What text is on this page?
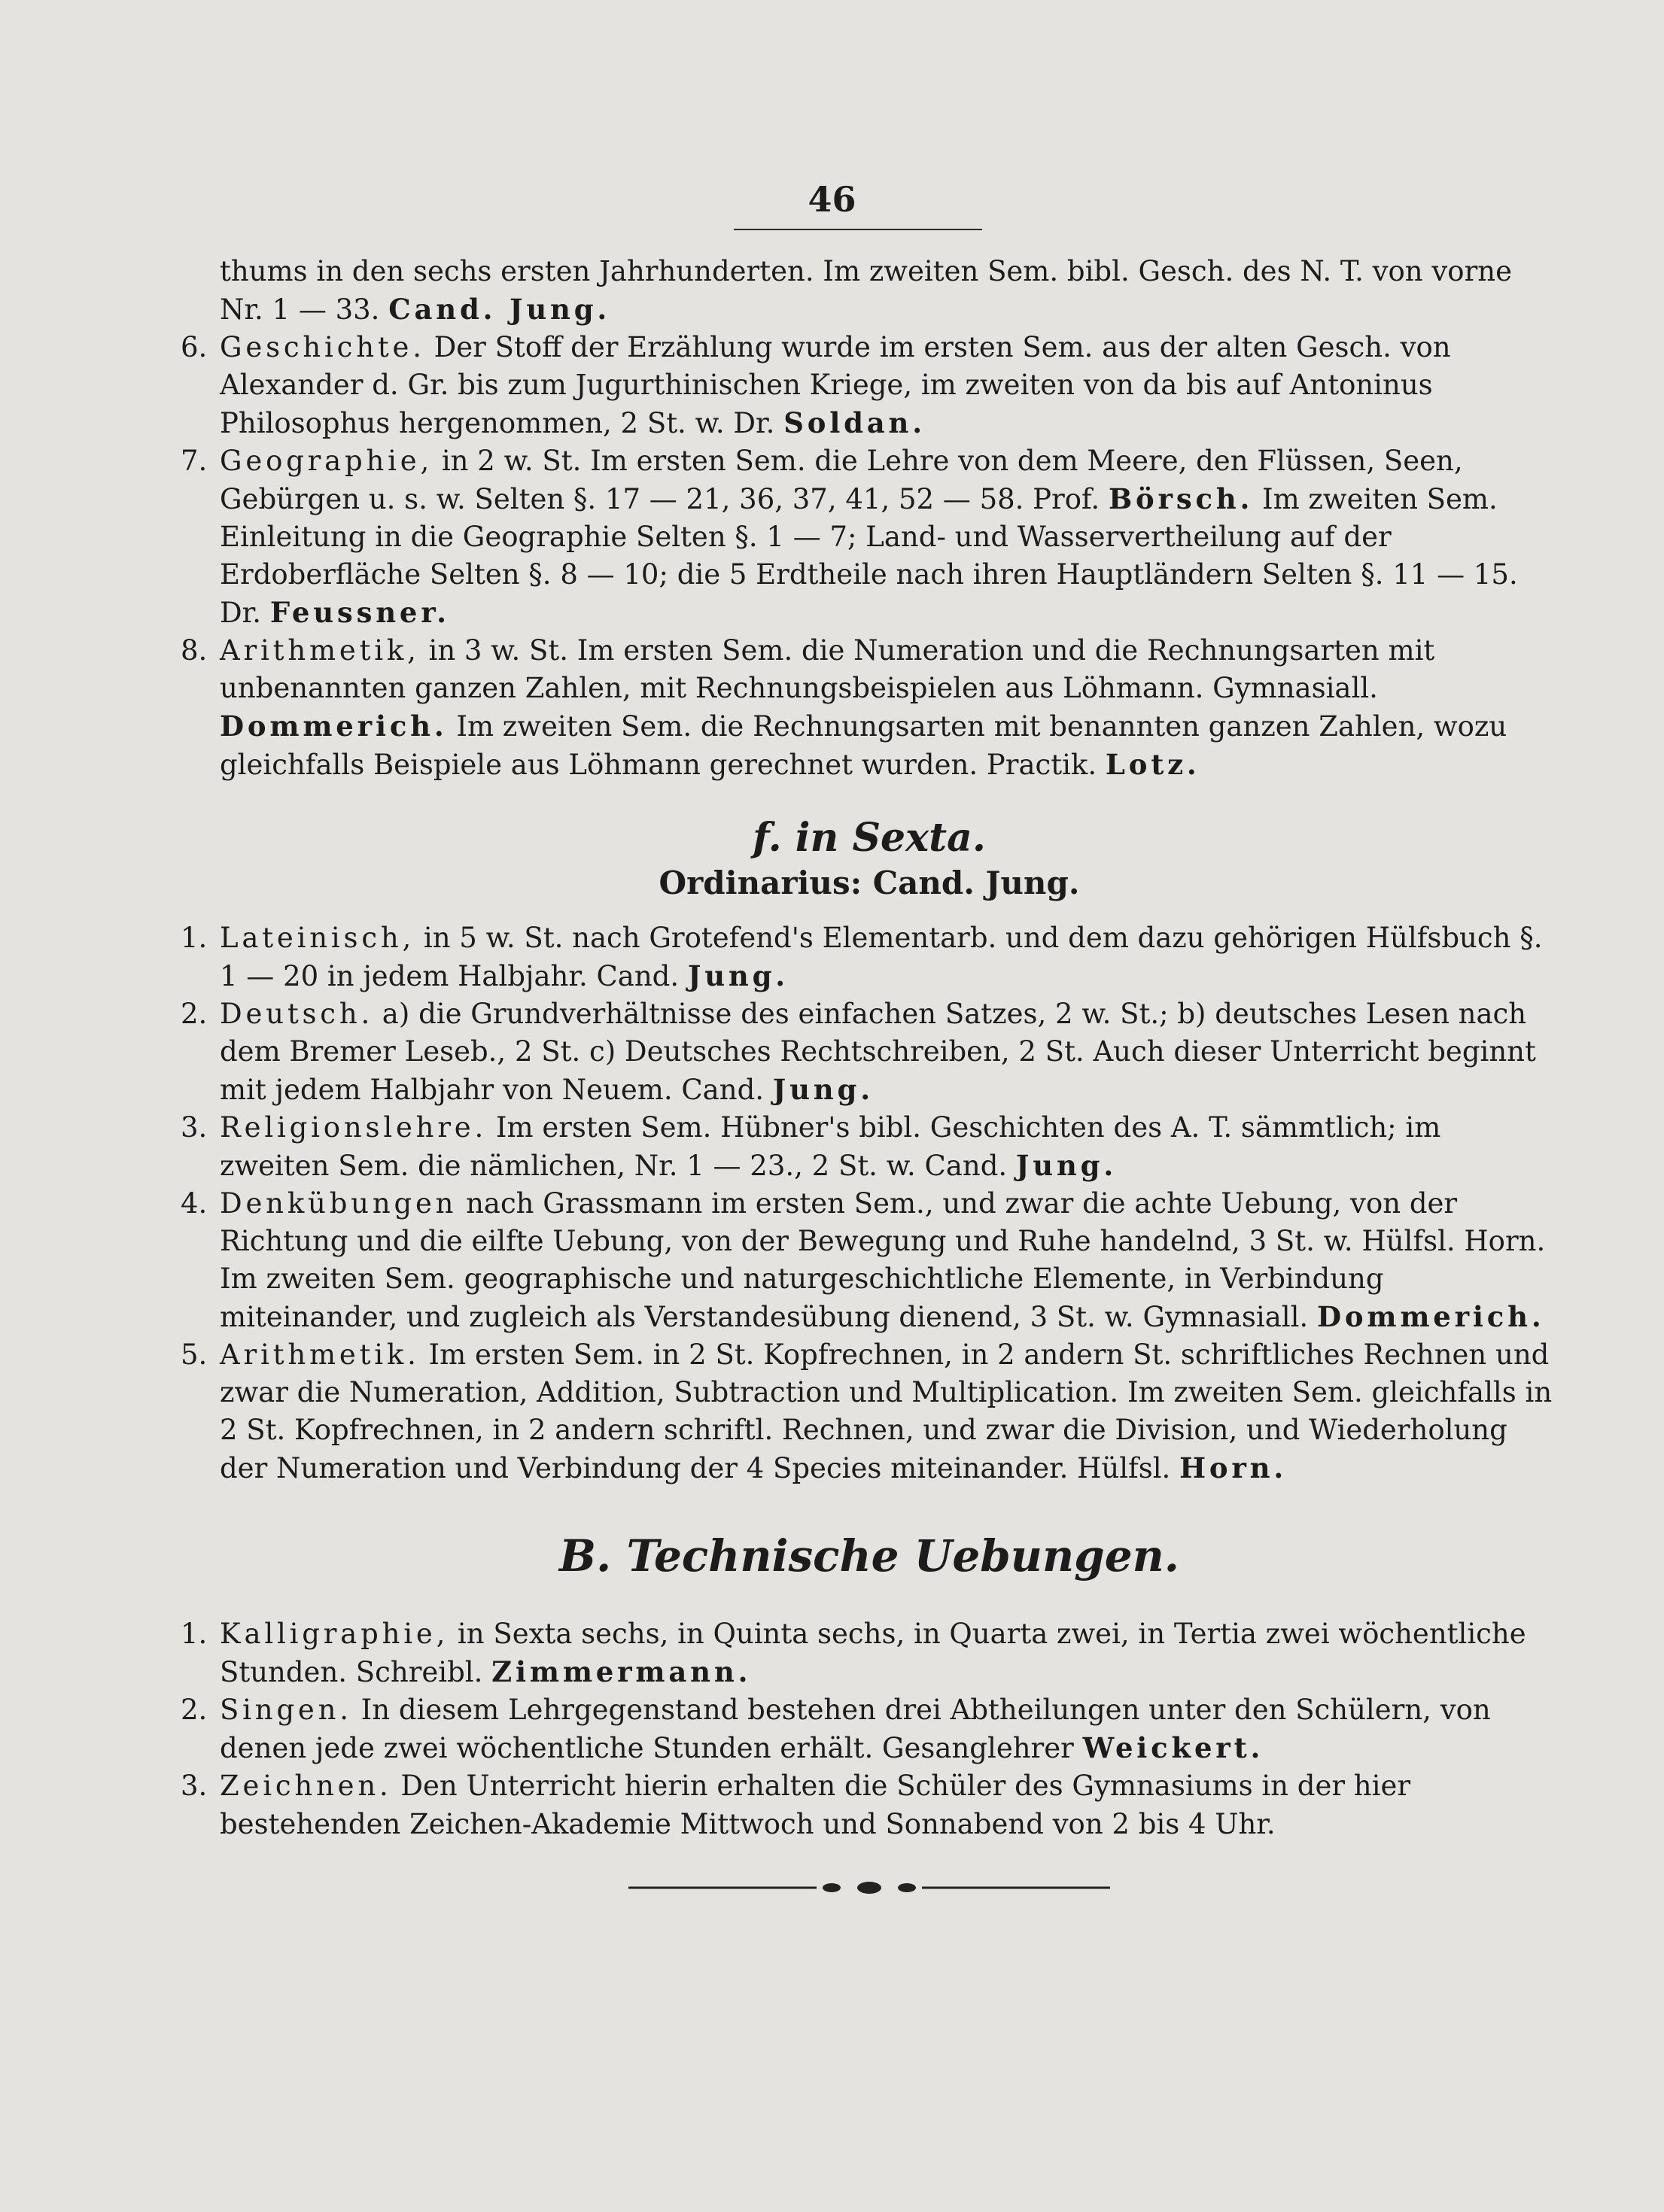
46

thums in den sechs ersten Jahrhunderten. Im zweiten Sem. bibl. Gesch. des N. T. von vorne
Nr. 1 — 33. Cand. Jung.

6. Geschichte. Der Stoff der Erzählung wurde im ersten Sem. aus der alten Gesch. von Alexander d. Gr. bis zum Jugurthinischen Kriege, im zweiten von da bis auf Antoninus Philosophus hergenommen, 2 St. w. Dr. Soldan.

7. Geographie, in 2 w. St. Im ersten Sem. die Lehre von dem Meere, den Flüssen, Seen, Gebürgen u. s. w. Selten §. 17 — 21, 36, 37, 41, 52 — 58. Prof. Börsch. Im zweiten Sem. Einleitung in die Geographie Selten §. 1 — 7; Land- und Wasservertheilung auf der Erdoberfläche Selten §. 8 — 10; die 5 Erdtheile nach ihren Hauptländern Selten §. 11 — 15. Dr. Feussner.

8. Arithmetik, in 3 w. St. Im ersten Sem. die Numeration und die Rechnungsarten mit unbenannten ganzen Zahlen, mit Rechnungsbeispielen aus Löhmann. Gymnasiall. Dommerich. Im zweiten Sem. die Rechnungsarten mit benannten ganzen Zahlen, wozu gleichfalls Beispiele aus Löhmann gerechnet wurden. Practik. Lotz.

f. in Sexta.
Ordinarius: Cand. Jung.

1. Lateinisch, in 5 w. St. nach Grotefend's Elementarb. und dem dazu gehörigen Hülfsbuch §. 1 — 20 in jedem Halbjahr. Cand. Jung.

2. Deutsch. a) die Grundverhältnisse des einfachen Satzes, 2 w. St.; b) deutsches Lesen nach dem Bremer Leseb., 2 St. c) Deutsches Rechtschreiben, 2 St. Auch dieser Unterricht beginnt mit jedem Halbjahr von Neuem. Cand. Jung.

3. Religionslehre. Im ersten Sem. Hübner's bibl. Geschichten des A. T. sämmtlich; im zweiten Sem. die nämlichen, Nr. 1 — 23., 2 St. w. Cand. Jung.

4. Denkübungen nach Grassmann im ersten Sem., und zwar die achte Uebung, von der Richtung und die eilfte Uebung, von der Bewegung und Ruhe handelnd, 3 St. w. Hülfsl. Horn. Im zweiten Sem. geographische und naturgeschichtliche Elemente, in Verbindung miteinander, und zugleich als Verstandesübung dienend, 3 St. w. Gymnasiall. Dommerich.

5. Arithmetik. Im ersten Sem. in 2 St. Kopfrechnen, in 2 andern St. schriftliches Rechnen und zwar die Numeration, Addition, Subtraction und Multiplication. Im zweiten Sem. gleichfalls in 2 St. Kopfrechnen, in 2 andern schriftl. Rechnen, und zwar die Division, und Wiederholung der Numeration und Verbindung der 4 Species miteinander. Hülfsl. Horn.

B. Technische Uebungen.

1. Kalligraphie, in Sexta sechs, in Quinta sechs, in Quarta zwei, in Tertia zwei wöchentliche Stunden. Schreibl. Zimmermann.

2. Singen. In diesem Lehrgegenstand bestehen drei Abtheilungen unter den Schülern, von denen jede zwei wöchentliche Stunden erhält. Gesanglehrer Weickert.

3. Zeichnen. Den Unterricht hierin erhalten die Schüler des Gymnasiums in der hier bestehenden Zeichen-Akademie Mittwoch und Sonnabend von 2 bis 4 Uhr.
